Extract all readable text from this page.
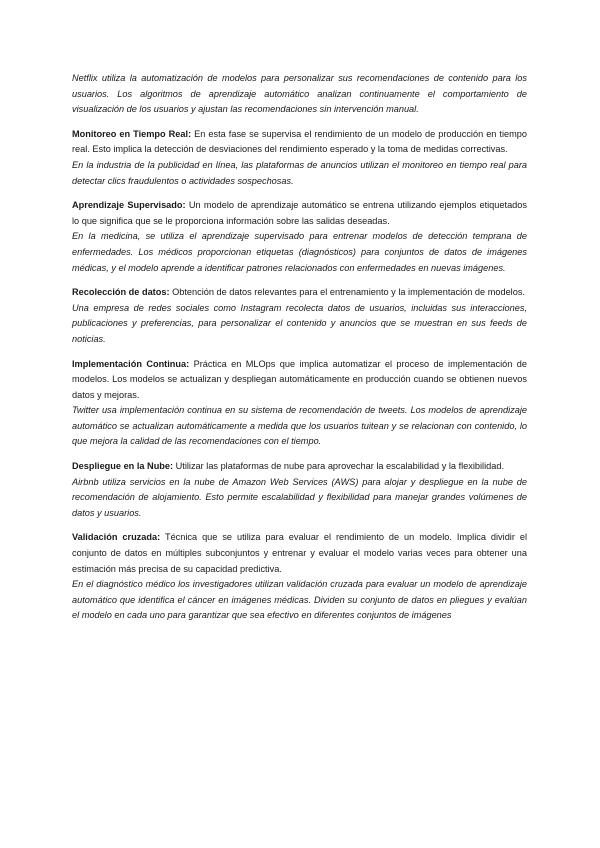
Netflix utiliza la automatización de modelos para personalizar sus recomendaciones de contenido para los usuarios. Los algoritmos de aprendizaje automático analizan continuamente el comportamiento de visualización de los usuarios y ajustan las recomendaciones sin intervención manual.

Monitoreo en Tiempo Real: En esta fase se supervisa el rendimiento de un modelo de producción en tiempo real. Esto implica la detección de desviaciones del rendimiento esperado y la toma de medidas correctivas.

En la industria de la publicidad en línea, las plataformas de anuncios utilizan el monitoreo en tiempo real para detectar clics fraudulentos o actividades sospechosas.

Aprendizaje Supervisado: Un modelo de aprendizaje automático se entrena utilizando ejemplos etiquetados lo que significa que se le proporciona información sobre las salidas deseadas.

En la medicina, se utiliza el aprendizaje supervisado para entrenar modelos de detección temprana de enfermedades. Los médicos proporcionan etiquetas (diagnósticos) para conjuntos de datos de imágenes médicas, y el modelo aprende a identificar patrones relacionados con enfermedades en nuevas imágenes.

Recolección de datos: Obtención de datos relevantes para el entrenamiento y la implementación de modelos.

Una empresa de redes sociales como Instagram recolecta datos de usuarios, incluidas sus interacciones, publicaciones y preferencias, para personalizar el contenido y anuncios que se muestran en sus feeds de noticias.

Implementación Continua: Práctica en MLOps que implica automatizar el proceso de implementación de modelos. Los modelos se actualizan y despliegan automáticamente en producción cuando se obtienen nuevos datos y mejoras.

Twitter usa implementación continua en su sistema de recomendación de tweets. Los modelos de aprendizaje automático se actualizan automáticamente a medida que los usuarios tuitean y se relacionan con contenido, lo que mejora la calidad de las recomendaciones con el tiempo.

Despliegue en la Nube: Utilizar las plataformas de nube para aprovechar la escalabilidad y la flexibilidad.

Airbnb utiliza servicios en la nube de Amazon Web Services (AWS) para alojar y despliegue en la nube de recomendación de alojamiento. Esto permite escalabilidad y flexibilidad para manejar grandes volúmenes de datos y usuarios.

Validación cruzada: Técnica que se utiliza para evaluar el rendimiento de un modelo. Implica dividir el conjunto de datos en múltiples subconjuntos y entrenar y evaluar el modelo varias veces para obtener una estimación más precisa de su capacidad predictiva.

En el diagnóstico médico los investigadores utilizan validación cruzada para evaluar un modelo de aprendizaje automático que identifica el cáncer en imágenes médicas. Dividen su conjunto de datos en pliegues y evalúan el modelo en cada uno para garantizar que sea efectivo en diferentes conjuntos de imágenes
